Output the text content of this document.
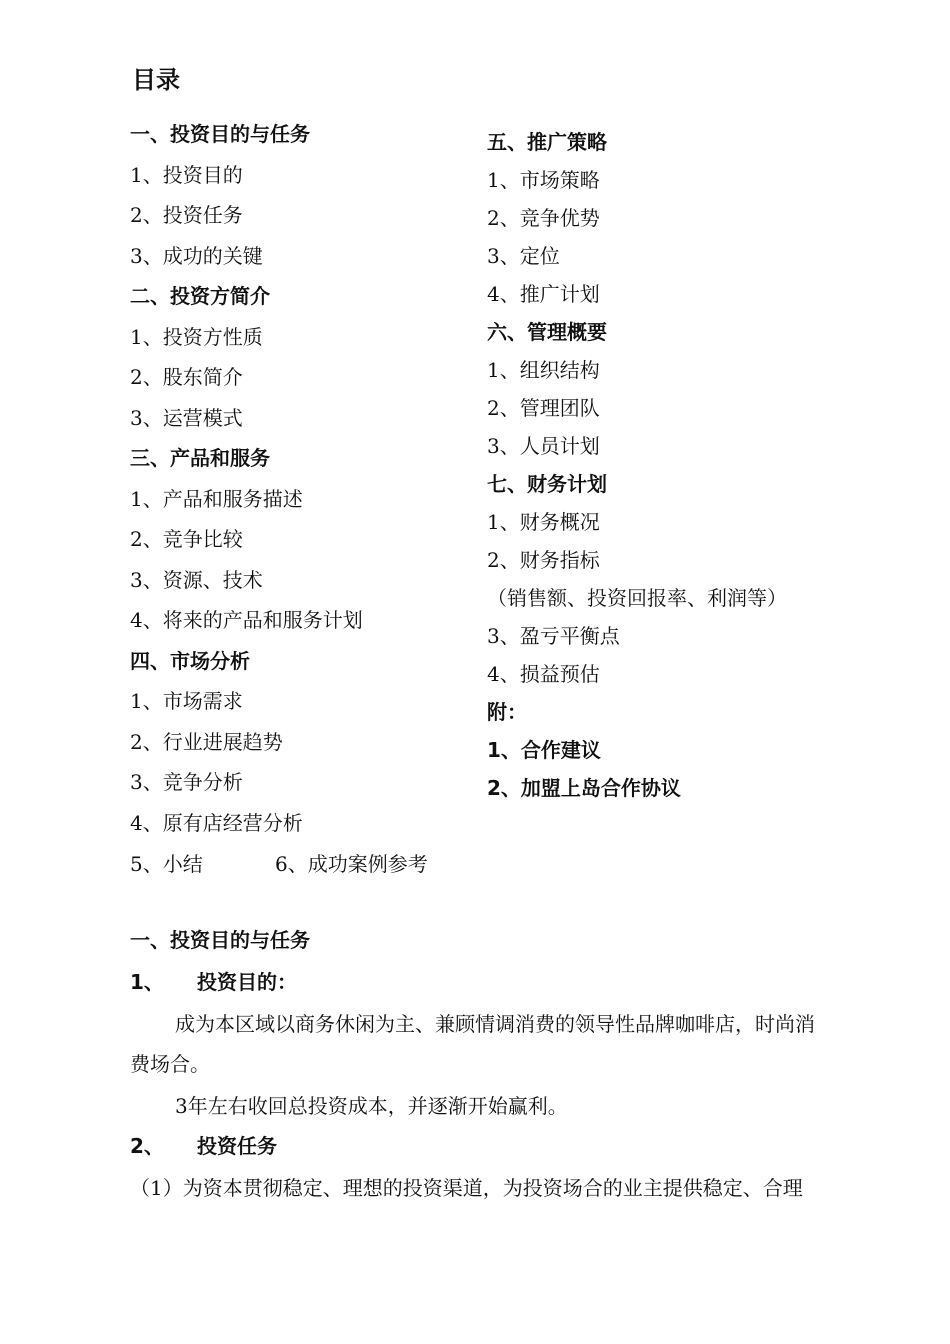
目录
一、投资目的与任务
1、投资目的
2、投资任务
3、成功的关键
二、投资方简介
1、投资方性质
2、股东简介
3、运营模式
三、产品和服务
1、产品和服务描述
2、竞争比较
3、资源、技术
4、将来的产品和服务计划
四、市场分析
1、市场需求
2、行业进展趋势
3、竞争分析
4、原有店经营分析
五、推广策略
1、市场策略
2、竞争优势
3、定位
4、推广计划
六、管理概要
1、组织结构
2、管理团队
3、人员计划
七、财务计划
1、财务概况
2、财务指标
（销售额、投资回报率、利润等）
3、盈亏平衡点
4、损益预估
附：
1、合作建议
2、加盟上岛合作协议
5、小结	6、成功案例参考
一、投资目的与任务
1、 投资目的：
成为本区域以商务休闲为主、兼顾情调消费的领导性品牌咖啡店，时尚消
费场合。
3年左右收回总投资成本，并逐渐开始赢利。
2、 投资任务
（1）为资本贯彻稳定、理想的投资渠道，为投资场合的业主提供稳定、合理
